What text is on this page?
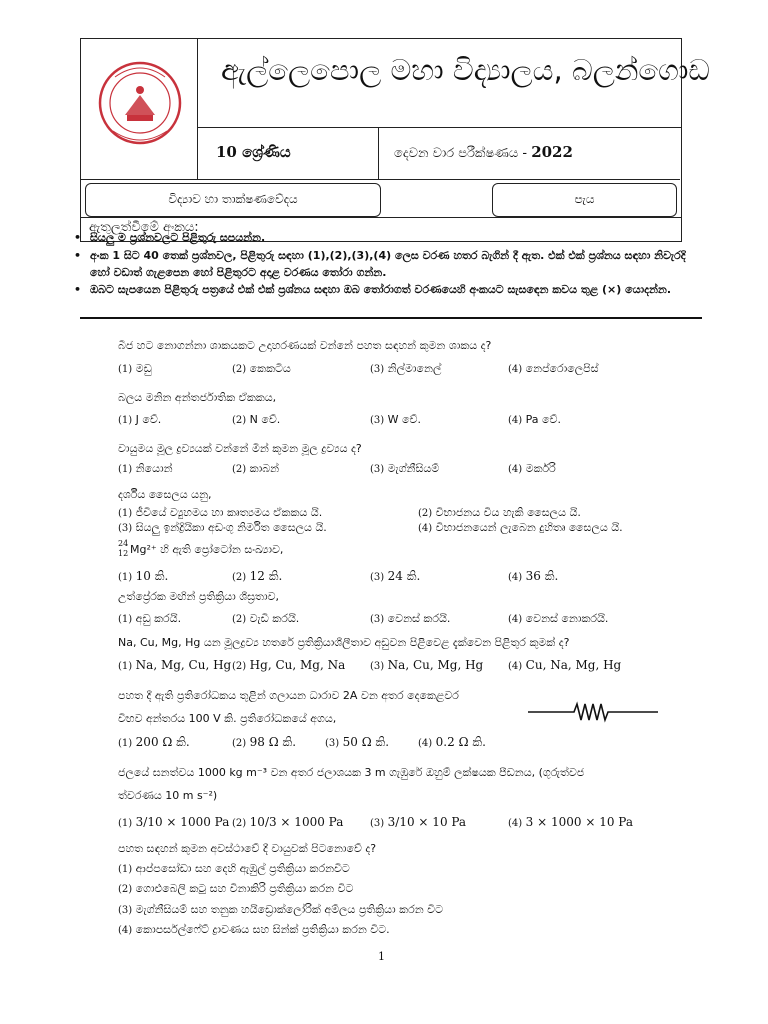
ඇල්ලෙපොල මහා විද්‍යාලය, බලන්ගොඩ
10 ශ්‍රේණිය	දෙවන වාර පරීක්ෂණය - 2022
විද්‍යාව හා තාක්ෂණවේදය	පැය
ඇතුලත්වීමේ අංකය:
• සියලු ම ප්‍රශ්නවලට පිළිතුරු සපයන්න.
• අංක 1 සිට 40 තෙක් ප්‍රශ්නවල, පිළිතුරු සඳහා (1),(2),(3),(4) ලෙස වරණ හතර බැගින් දී ඇත. එක් එක් ප්‍රශ්නය සඳහා නිවැරදි හෝ වඩාත් ගැළපෙන හෝ පිළිතුරට අදාළ වරණය තෝරා ගන්න.
• ඔබට සැපයෙන පිළිතුරු පත්‍රයේ එක් එක් ප්‍රශ්නය සඳහා ඔබ තෝරාගත් වරණයෙහි අංකයට සැසඳෙන කවය තුළ (×) යොදන්න.
බීජ හට නොගන්නා ශාකයකට උදාහරණයක් වන්නේ පහත සඳහන් කුමන ශාකය ද?
(1) මඩු	(2) කෙකටිය	(3) නිල්මානෙල්	(4) නෙප්රොලෙපිස්
බලය මනින අන්තර්ජාතික ඒකකය,
(1) J වේ.	(2) N වේ.	(3) W වේ.	(4) Pa වේ.
වායුමය මූල ද්‍රව්‍යයක් වන්නේ මින් කුමන මූල ද්‍රව්‍යය ද?
(1) නියොන්	(2) කාබන්	(3) මැග්නීසියම්	(4) මර්කරි
දර්ශීය සෛලය යනු,
(1) ජීවියේ ව්‍යුහමය හා කෘත්‍යමය ඒකකය යි.	(2) විභාජනය විය හැකි සෛලය යි.
(3) සියලු ඉන්ද්‍රියිකා අඩංගු නිර්මිත සෛලය යි.	(4) විභාජනයෙන් ලැබෙන දුහිතෘ සෛලය යි.
24
12 Mg²⁺ හි ඇති ප්‍රෝටෝන සංඛ්‍යාව,
(1) 10 කි.	(2) 12 කි.	(3) 24 කි.	(4) 36 කි.
උත්ප්‍රේරක මඟින් ප්‍රතික්‍රියා ශීඝ්‍රතාව,
(1) අඩු කරයි.	(2) වැඩි කරයි.	(3) වෙනස් කරයි.	(4) වෙනස් නොකරයි.
Na, Cu, Mg, Hg යන මූලද්‍රව්‍ය හතරේ ප්‍රතික්‍රියාශීලීතාව අඩුවන පිළිවෙළ දැක්වෙන පිළිතුර කුමක් ද?
(1) Na, Mg, Cu, Hg (2) Hg, Cu, Mg, Na (3) Na, Cu, Mg, Hg (4) Cu, Na, Mg, Hg
පහත දී ඇති ප්‍රතිරෝධකය තුළින් ගලායන ධාරාව 2A වන අතර දෙකෙළවර
විභව අන්තරය 100 V කි. ප්‍රතිරෝධකයේ අගය,
(1) 200 Ω කි.	(2) 98 Ω කි.	(3) 50 Ω කි.	(4) 0.2 Ω කි.
ජලයේ ඝනත්වය 1000 kg m⁻³ වන අතර ජලාශයක 3 m ගැඹුරේ ඔහුම් ලක්ෂයක පීඩනය, (ගුරුත්වජ
ත්වරණය 10 m s⁻²)
(1) 3/10 × 1000 Pa (2) 10/3 × 1000 Pa	(3) 3/10 × 10 Pa	(4) 3 × 1000 × 10 Pa
පහත සඳහන් කුමන අවස්ථාවේ දී වායුවක් පිටනොවේ ද?
(1) ආප්පසෝඩා සහ දෙහි ඇඹුල් ප්‍රතික්‍රියා කරනවිට
(2) ගොළුබෙලි කටු සහ විනාකිරි ප්‍රතික්‍රියා කරන විට
(3) මැග්නීසියම් සහ තනුක හයිඩ්‍රොක්ලෝරික් අම්ලය ප්‍රතික්‍රියා කරන විට
(4) කොපර්සල්ෆේට් ද්‍රාවණය සහ සින්ක් ප්‍රතික්‍රියා කරන විට.
1
